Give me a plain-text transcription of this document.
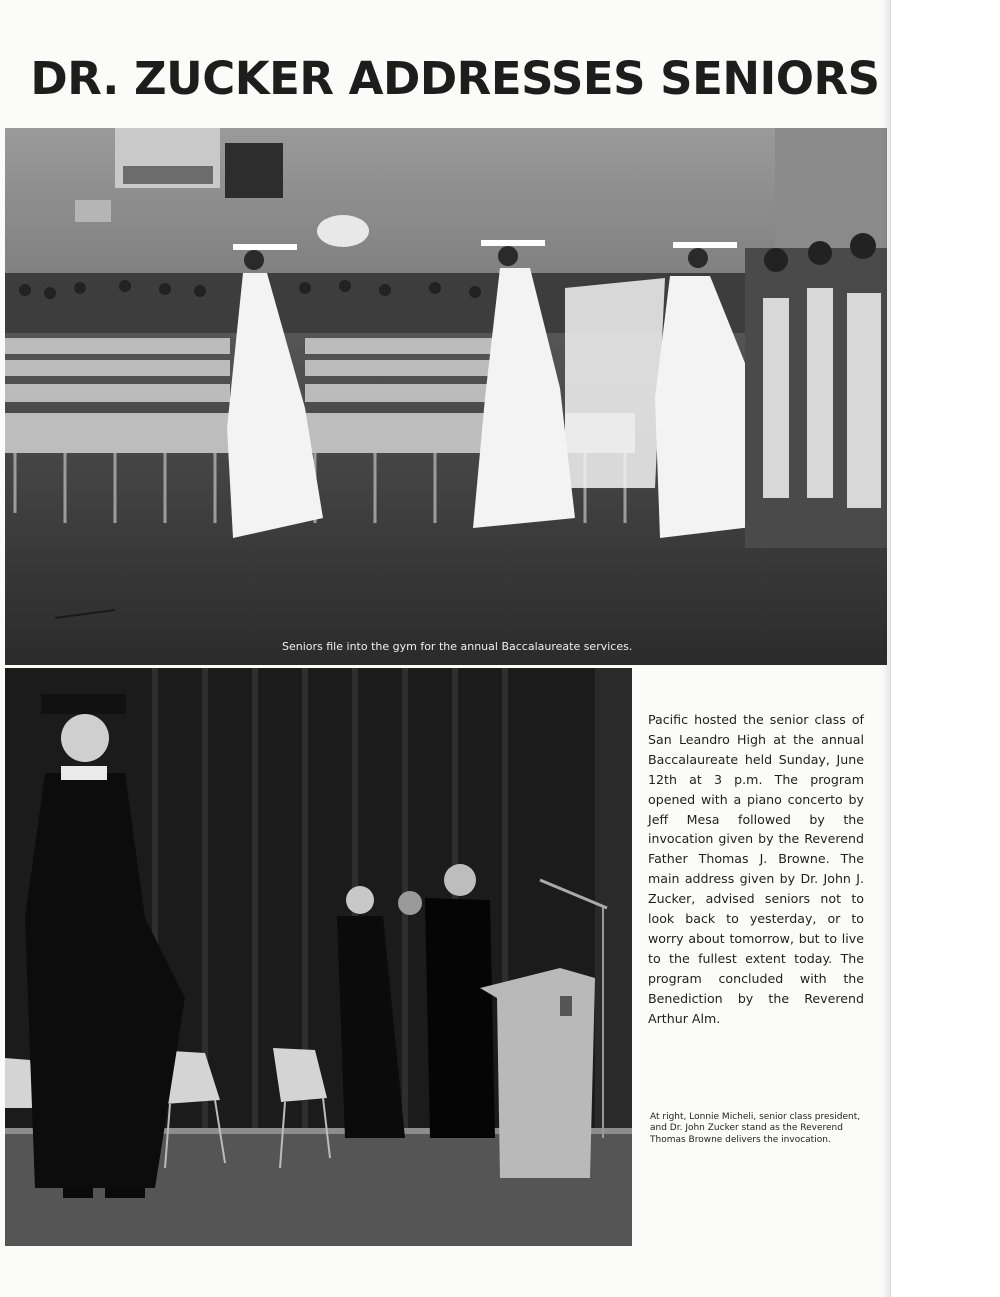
DR. ZUCKER ADDRESSES SENIORS
Seniors file into the gym for the annual Baccalaureate services.

Pacific hosted the senior class of San Leandro High at the annual Baccalaureate held Sunday, June 12th at 3 p.m. The program opened with a piano concerto by Jeff Mesa followed by the invocation given by the Reverend Father Thomas J. Browne. The main address given by Dr. John J. Zucker, advised seniors not to look back to yesterday, or to worry about tomorrow, but to live to the fullest extent today. The program concluded with the Benediction by the Reverend Arthur Alm.

At right, Lonnie Micheli, senior class president, and Dr. John Zucker stand as the Reverend Thomas Browne delivers the invocation.
